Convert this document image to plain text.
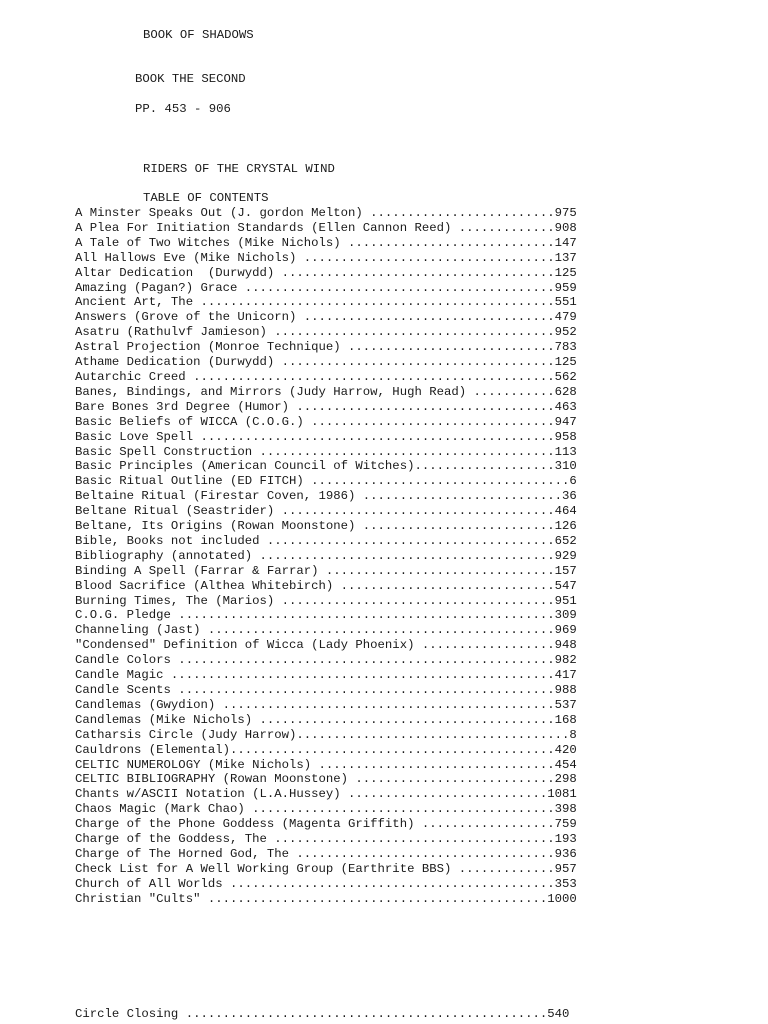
BOOK OF SHADOWS
BOOK THE SECOND
PP. 453 - 906
RIDERS OF THE CRYSTAL WIND
TABLE OF CONTENTS
A Minster Speaks Out (J. gordon Melton) .........................975
A Plea For Initiation Standards (Ellen Cannon Reed) .............908
A Tale of Two Witches (Mike Nichols) ............................147
All Hallows Eve (Mike Nichols) ..................................137
Altar Dedication  (Durwydd) .....................................125
Amazing (Pagan?) Grace ..........................................959
Ancient Art, The ................................................551
Answers (Grove of the Unicorn) ..................................479
Asatru (Rathulvf Jamieson) ......................................952
Astral Projection (Monroe Technique) ............................783
Athame Dedication (Durwydd) .....................................125
Autarchic Creed .................................................562
Banes, Bindings, and Mirrors (Judy Harrow, Hugh Read) ...........628
Bare Bones 3rd Degree (Humor) ...................................463
Basic Beliefs of WICCA (C.O.G.) .................................947
Basic Love Spell ................................................958
Basic Spell Construction ........................................113
Basic Principles (American Council of Witches)...................310
Basic Ritual Outline (ED FITCH) ...................................6
Beltaine Ritual (Firestar Coven, 1986) ...........................36
Beltane Ritual (Seastrider) .....................................464
Beltane, Its Origins (Rowan Moonstone) ..........................126
Bible, Books not included .......................................652
Bibliography (annotated) ........................................929
Binding A Spell (Farrar & Farrar) ...............................157
Blood Sacrifice (Althea Whitebirch) .............................547
Burning Times, The (Marios) .....................................951
C.O.G. Pledge ...................................................309
Channeling (Jast) ...............................................969
"Condensed" Definition of Wicca (Lady Phoenix) ..................948
Candle Colors ...................................................982
Candle Magic ....................................................417
Candle Scents ...................................................988
Candlemas (Gwydion) .............................................537
Candlemas (Mike Nichols) ........................................168
Catharsis Circle (Judy Harrow).....................................8
Cauldrons (Elemental)............................................420
CELTIC NUMEROLOGY (Mike Nichols) ................................454
CELTIC BIBLIOGRAPHY (Rowan Moonstone) ...........................298
Chants w/ASCII Notation (L.A.Hussey) ...........................1081
Chaos Magic (Mark Chao) .........................................398
Charge of the Phone Goddess (Magenta Griffith) ..................759
Charge of the Goddess, The ......................................193
Charge of The Horned God, The ...................................936
Check List for A Well Working Group (Earthrite BBS) .............957
Church of All Worlds ............................................353
Christian "Cults" ..............................................1000
Circle Closing .................................................540
